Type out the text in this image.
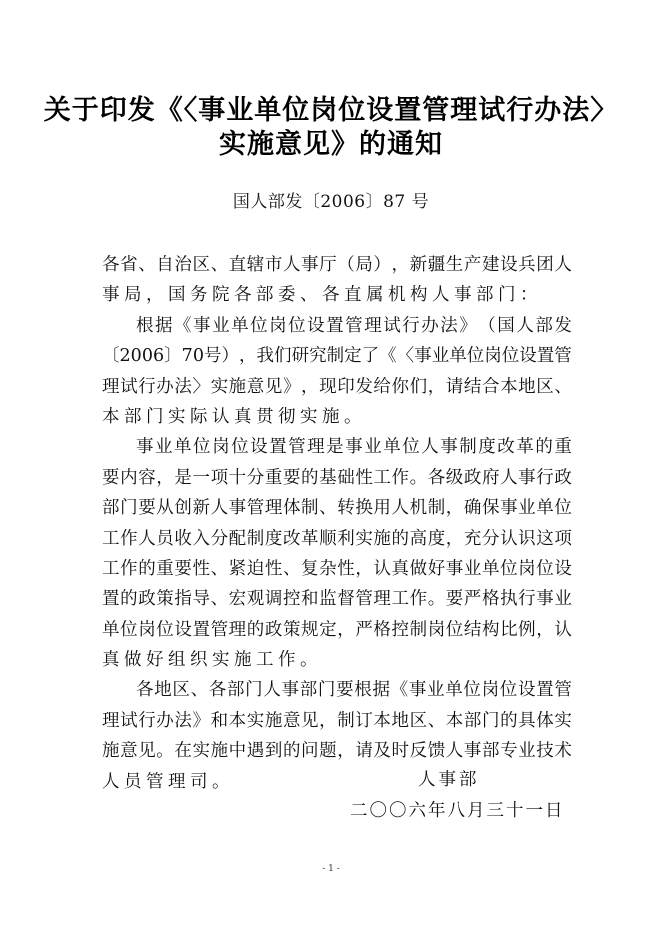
关于印发《〈事业单位岗位设置管理试行办法〉
实施意见》的通知
国人部发〔2006〕87 号
各 省 、 自 治 区 、 直 辖 市 人 事 厅 （ 局 ） ， 新 疆 生 产 建 设 兵 团 人
事局，国务院各部委、各直属机构人事部门：
根 据 《 事 业 单 位 岗 位 设 置 管 理 试 行 办 法 》 （ 国 人 部 发
〔 2 0 0 6 〕 7 0 号 ） ， 我 们 研 究 制 定 了 《 〈 事 业 单 位 岗 位 设 置 管
理 试 行 办 法 〉 实 施 意 见 》 ， 现 印 发 给 你 们 ， 请 结 合 本 地 区 、
本部门实际认真贯彻实施。
事 业 单 位 岗 位 设 置 管 理 是 事 业 单 位 人 事 制 度 改 革 的 重
要 内 容 ， 是 一 项 十 分 重 要 的 基 础 性 工 作 。 各 级 政 府 人 事 行 政
部 门 要 从 创 新 人 事 管 理 体 制 、 转 换 用 人 机 制 ， 确 保 事 业 单 位
工 作 人 员 收 入 分 配 制 度 改 革 顺 利 实 施 的 高 度 ， 充 分 认 识 这 项
工 作 的 重 要 性 、 紧 迫 性 、 复 杂 性 ， 认 真 做 好 事 业 单 位 岗 位 设
置 的 政 策 指 导 、 宏 观 调 控 和 监 督 管 理 工 作 。 要 严 格 执 行 事 业
单 位 岗 位 设 置 管 理 的 政 策 规 定 ， 严 格 控 制 岗 位 结 构 比 例 ， 认
真做好组织实施工作。
各 地 区 、 各 部 门 人 事 部 门 要 根 据 《 事 业 单 位 岗 位 设 置 管
理 试 行 办 法 》 和 本 实 施 意 见 ， 制 订 本 地 区 、 本 部 门 的 具 体 实
施 意 见 。 在 实 施 中 遇 到 的 问 题 ， 请 及 时 反 馈 人 事 部 专 业 技 术
人员管理司。	人事部
二〇〇六年八月三十一日
- 1 -
